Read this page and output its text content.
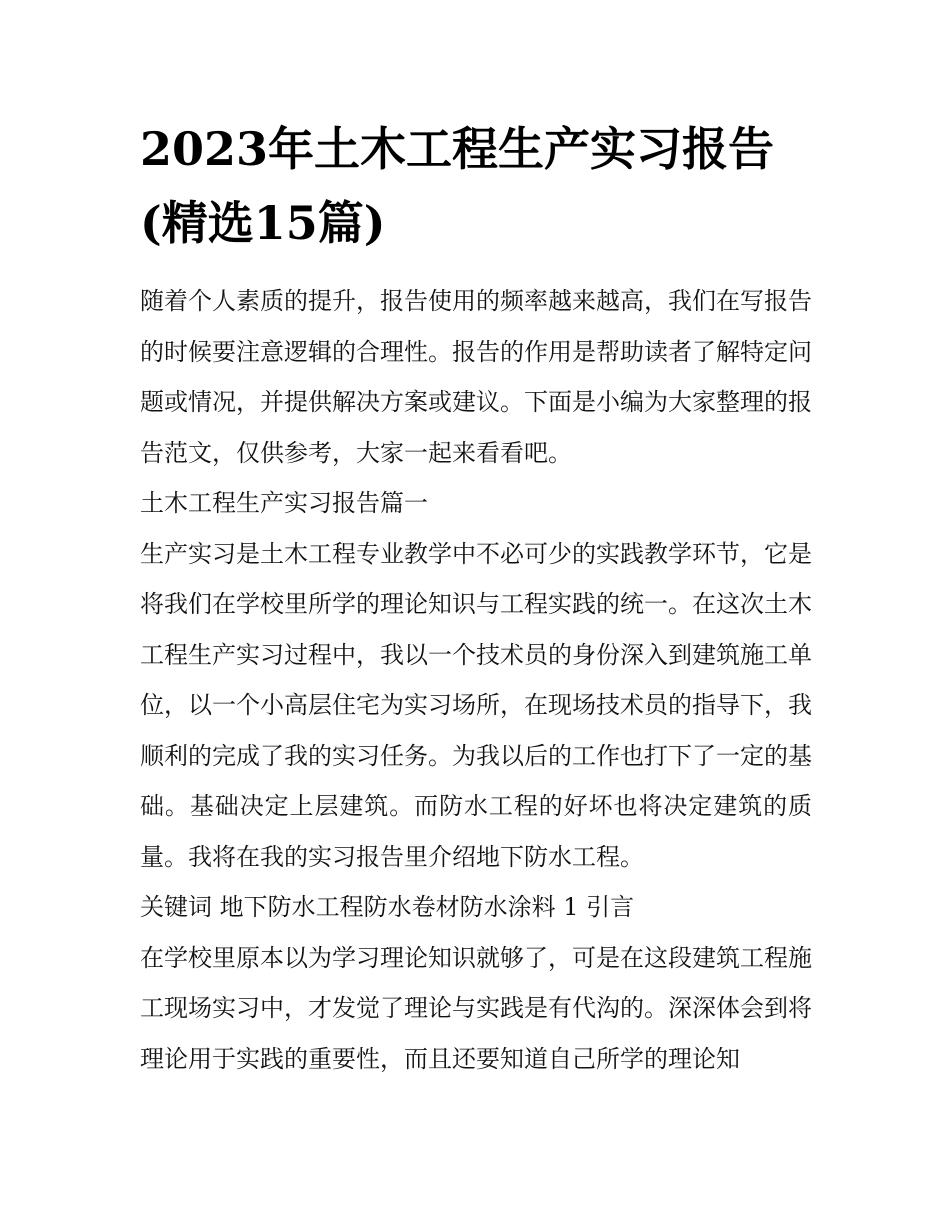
2023年土木工程生产实习报告(精选15篇)

随着个人素质的提升，报告使用的频率越来越高，我们在写报告的时候要注意逻辑的合理性。报告的作用是帮助读者了解特定问题或情况，并提供解决方案或建议。下面是小编为大家整理的报告范文，仅供参考，大家一起来看看吧。

土木工程生产实习报告篇一

生产实习是土木工程专业教学中不必可少的实践教学环节，它是将我们在学校里所学的理论知识与工程实践的统一。在这次土木工程生产实习过程中，我以一个技术员的身份深入到建筑施工单位，以一个小高层住宅为实习场所，在现场技术员的指导下，我顺利的完成了我的实习任务。为我以后的工作也打下了一定的基础。基础决定上层建筑。而防水工程的好坏也将决定建筑的质量。我将在我的实习报告里介绍地下防水工程。

关键词 地下防水工程防水卷材防水涂料 1 引言

在学校里原本以为学习理论知识就够了，可是在这段建筑工程施工现场实习中，才发觉了理论与实践是有代沟的。深深体会到将理论用于实践的重要性，而且还要知道自己所学的理论知
